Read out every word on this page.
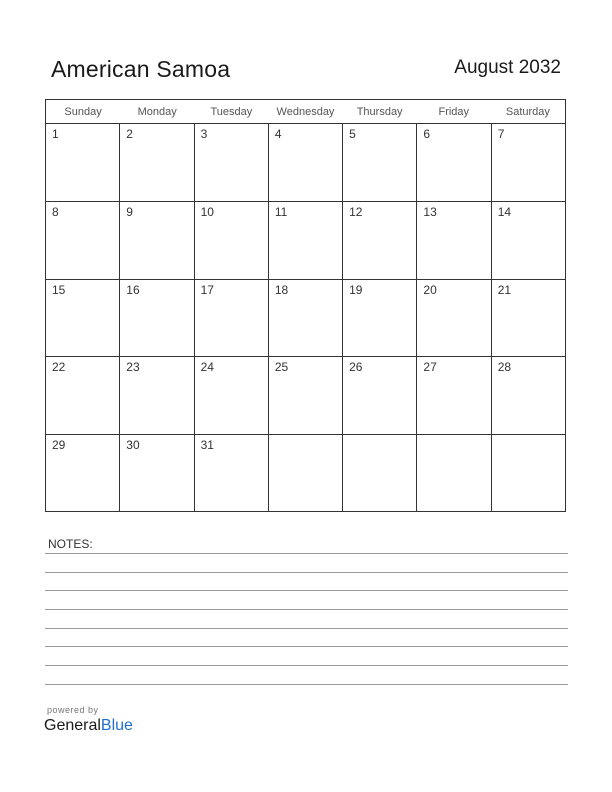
American Samoa	August 2032
Sunday	Monday	Tuesday	Wednesday	Thursday	Friday	Saturday
1	2	3	4	5	6	7
8	9	10	11	12	13	14
15	16	17	18	19	20	21
22	23	24	25	26	27	28
29	30	31
NOTES:
powered by
GeneralBlue
